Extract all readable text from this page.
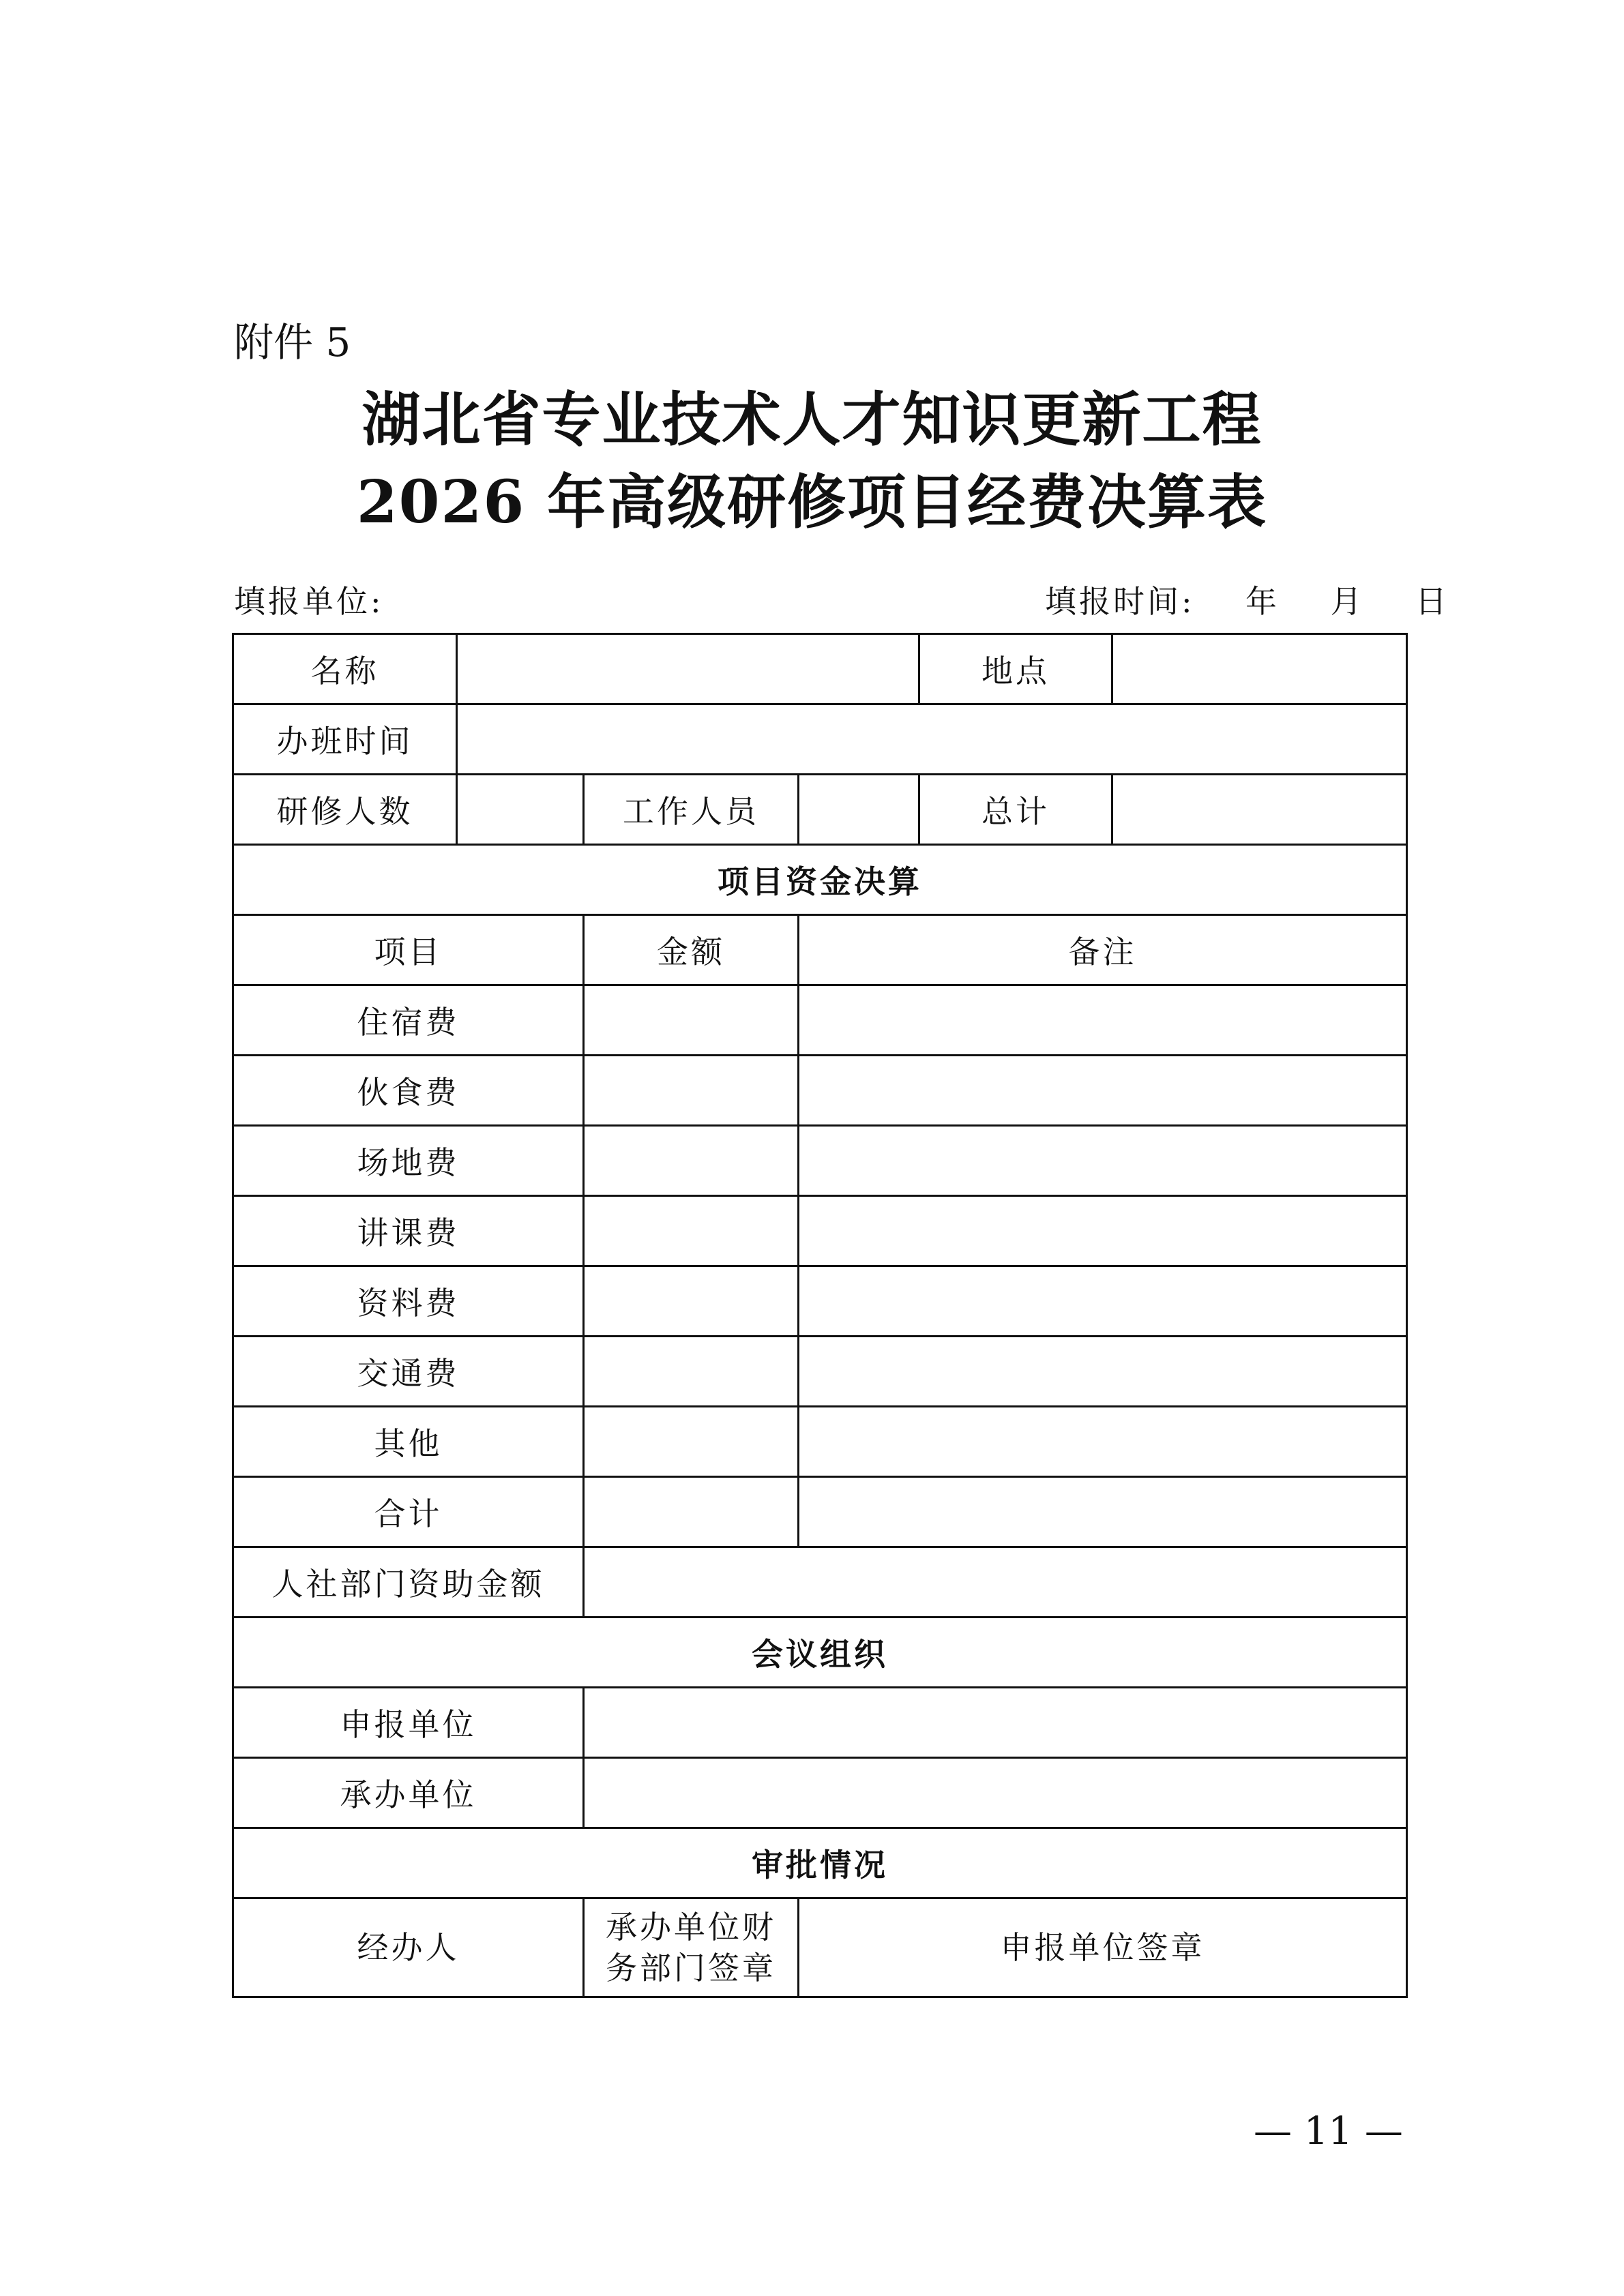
附件 5
湖北省专业技术人才知识更新工程
2026 年高级研修项目经费决算表
填报单位:	填报时间:    年    月    日
名称				地点	
办班时间					
研修人数		工作人员		总计	
项目资金决算					
项目		金额	备注		
住宿费					
伙食费					
场地费					
讲课费					
资料费					
交通费					
其他					
合计					
人社部门资助金额					
会议组织					
申报单位					
承办单位					
审批情况					
经办人		承办单位财务部门签章	申报单位签章		
— 11 —
